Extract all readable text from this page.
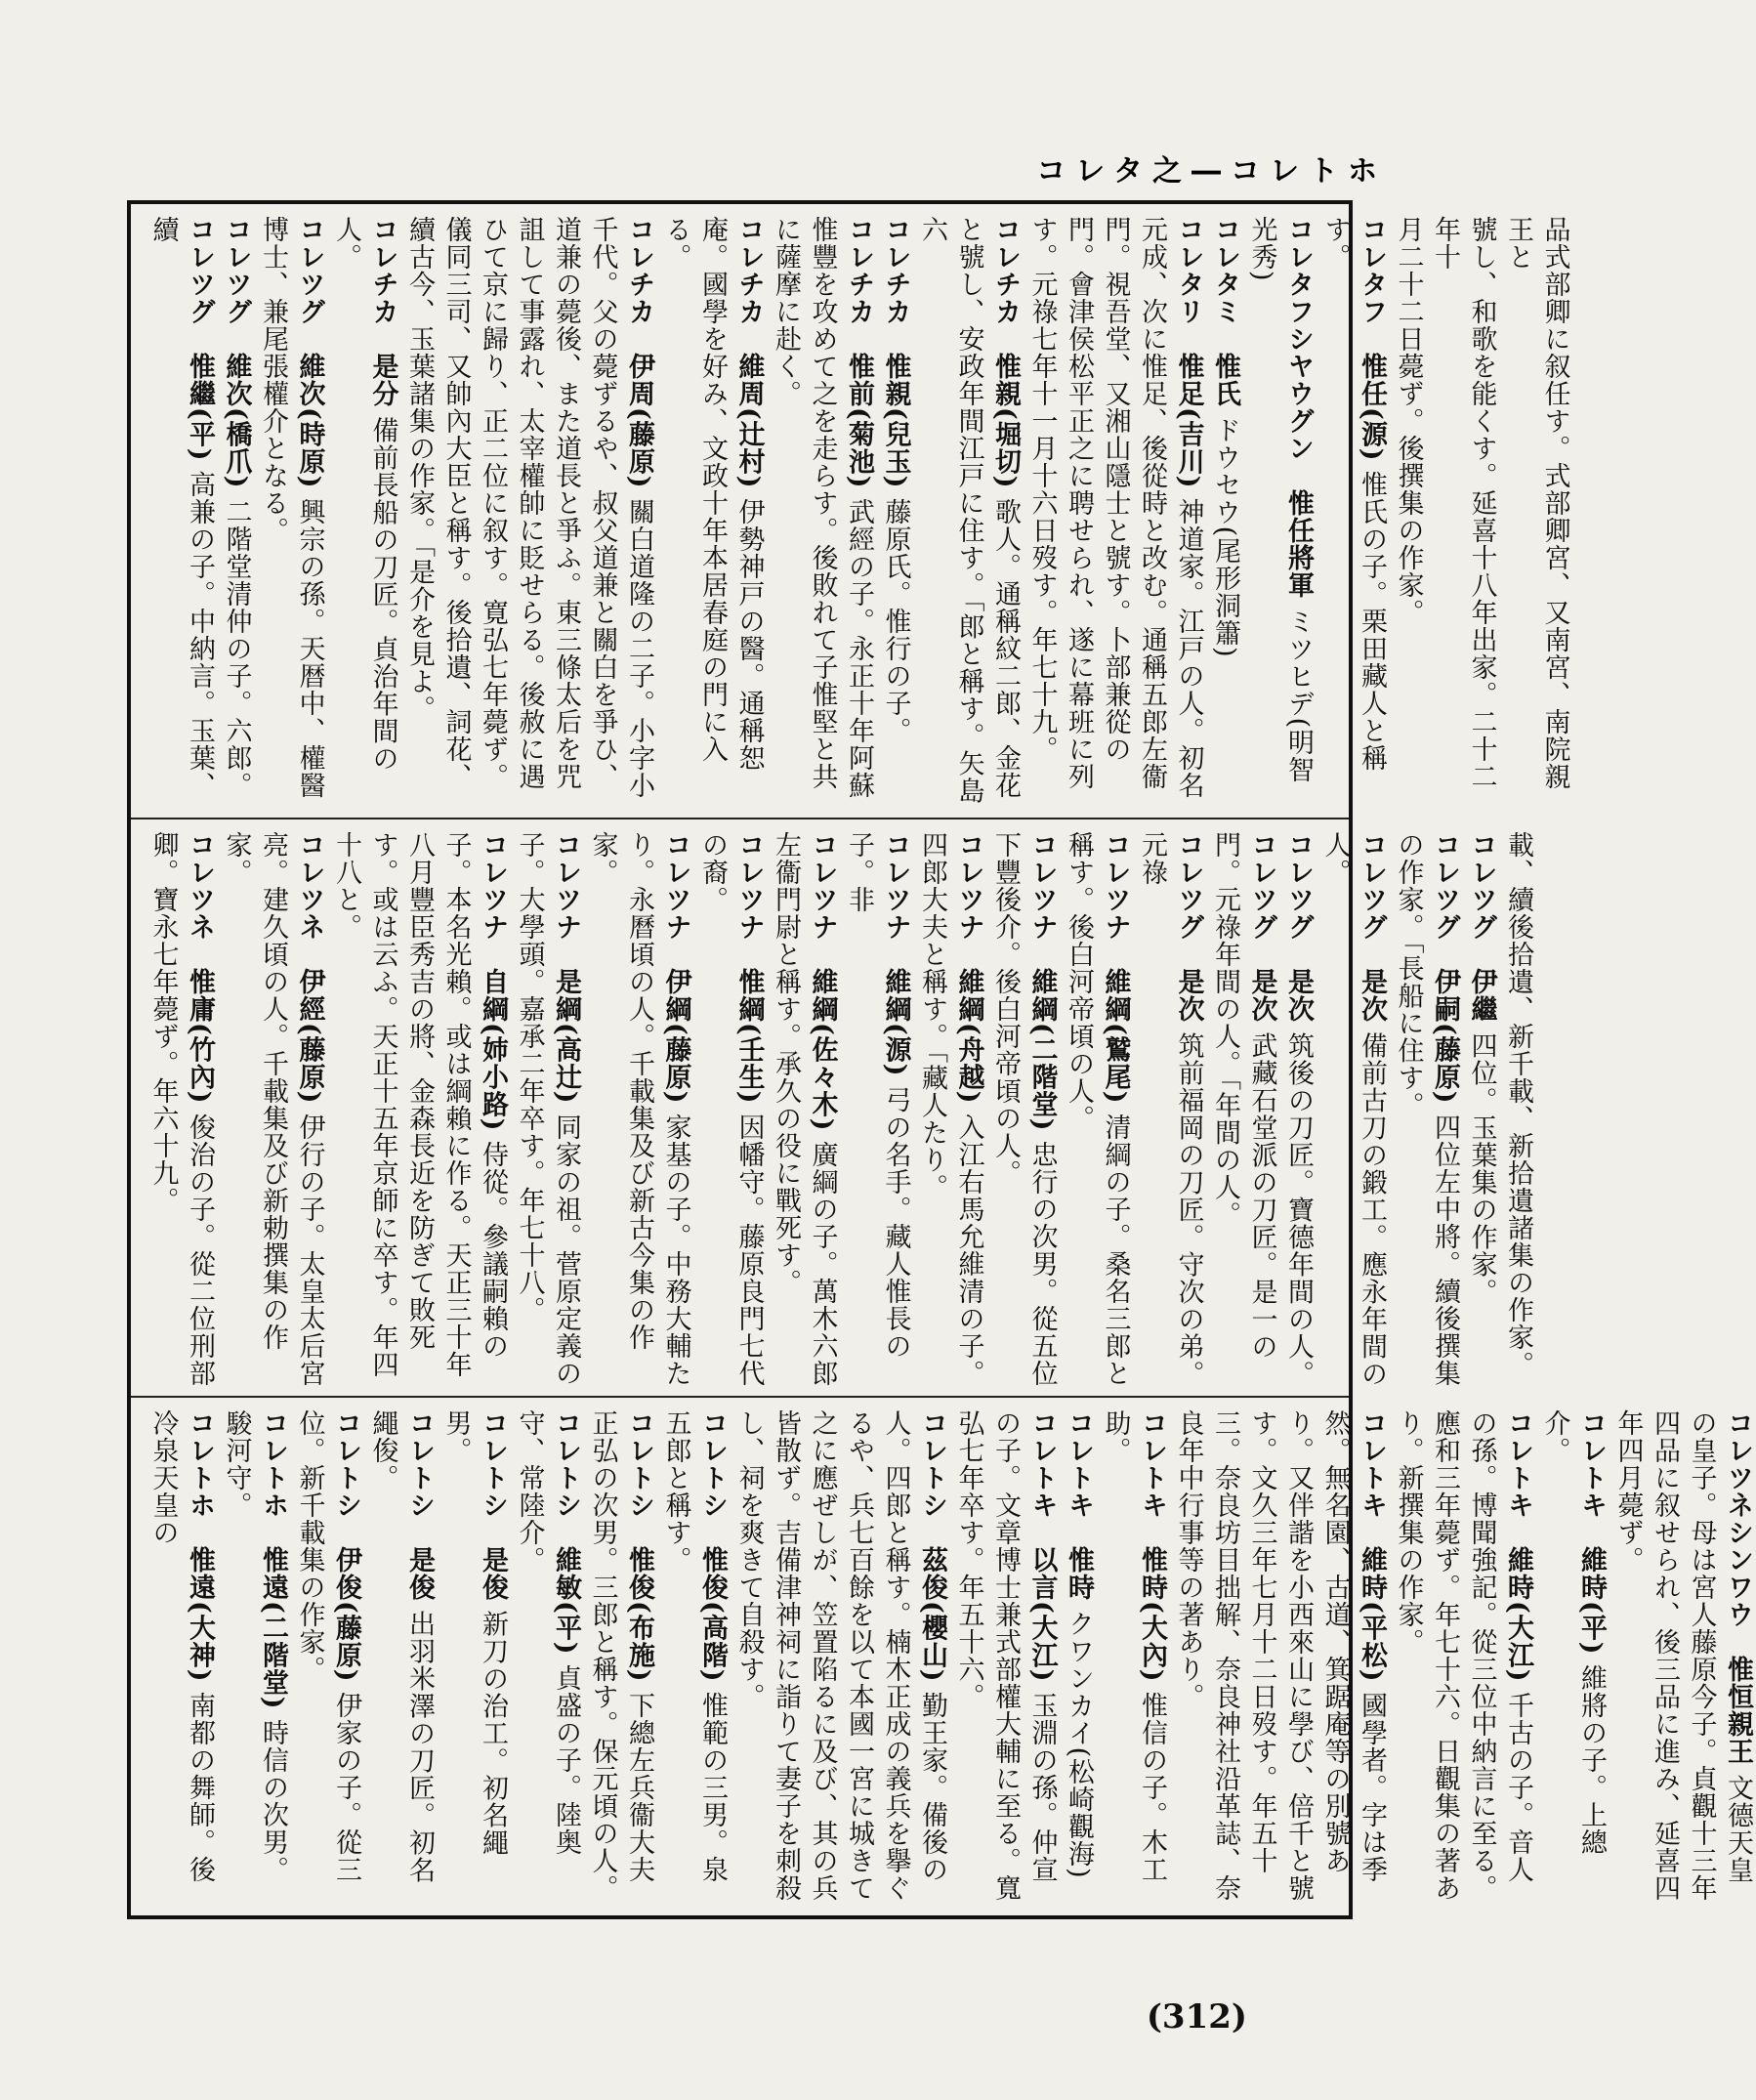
コレタ之―コレトホ

品式部卿に叙任す。式部卿宮、又南宮、南院親王と

號し、和歌を能くす。延喜十八年出家。二十二年十

月二十二日薨ず。後撰集の作家。

コレタフ　惟任(源) 惟氏の子。栗田藏人と稱す。

コレタフシヤウグン　惟任將軍 ミツヒデ(明智光秀)

コレタミ　惟氏 ドウセウ(尾形洞簫)

コレタリ　惟足(吉川) 神道家。江戸の人。初名元成、次に惟足、後從時と改む。通稱五郎左衞門。視吾堂、又湘山隱士と號す。卜部兼從の門。會津侯松平正之に聘せられ、遂に幕班に列す。元祿七年十一月十六日歿す。年七十九。

コレチカ　惟親(堀切) 歌人。通稱紋二郎、金花と號し、安政年間江戸に住す。「郎と稱す。矢島六

コレチカ　惟親(兒玉) 藤原氏。惟行の子。

コレチカ　惟前(菊池) 武經の子。永正十年阿蘇惟豐を攻めて之を走らす。後敗れて子惟堅と共に薩摩に赴く。

コレチカ　維周(辻村) 伊勢神戸の醫。通稱恕庵。國學を好み、文政十年本居春庭の門に入る。

コレチカ　伊周(藤原) 關白道隆の二子。小字小千代。父の薨ずるや、叔父道兼と關白を爭ひ、道兼の薨後、また道長と爭ふ。東三條太后を咒詛して事露れ、太宰權帥に貶せらる。後赦に遇ひて京に歸り、正二位に叙す。寛弘七年薨ず。儀同三司、又帥內大臣と稱す。後拾遺、詞花、續古今、玉葉諸集の作家。「是介を見よ。

コレチカ　是分 備前長船の刀匠。貞治年間の人。

コレツグ　維次(時原) 興宗の孫。天暦中、權醫博士、兼尾張權介となる。

コレツグ　維次(橋爪) 二階堂清仲の子。六郎。

コレツグ　惟繼(平) 高兼の子。中納言。玉葉、續

載、續後拾遺、新千載、新拾遺諸集の作家。

コレツグ　伊繼 四位。玉葉集の作家。

コレツグ　伊嗣(藤原) 四位左中將。續後撰集の作家。「長船に住す。

コレツグ　是次 備前古刀の鍛工。應永年間の人。

コレツグ　是次 筑後の刀匠。寶德年間の人。

コレツグ　是次 武藏石堂派の刀匠。是一の門。元祿年間の人。「年間の人。

コレツグ　是次 筑前福岡の刀匠。守次の弟。元祿

コレツナ　維綱(鷲尾) 清綱の子。桑名三郎と稱す。後白河帝頃の人。

コレツナ　維綱(二階堂) 忠行の次男。從五位下豐後介。後白河帝頃の人。

コレツナ　維綱(舟越) 入江右馬允維清の子。四郎大夫と稱す。「藏人たり。

コレツナ　維綱(源) 弓の名手。藏人惟長の子。非

コレツナ　維綱(佐々木) 廣綱の子。萬木六郎左衞門尉と稱す。承久の役に戰死す。

コレツナ　惟綱(壬生) 因幡守。藤原良門七代の裔。

コレツナ　伊綱(藤原) 家基の子。中務大輔たり。永曆頃の人。千載集及び新古今集の作家。

コレツナ　是綱(高辻) 同家の祖。菅原定義の子。大學頭。嘉承二年卒す。年七十八。

コレツナ　自綱(姉小路) 侍從。參議嗣賴の子。本名光賴。或は綱賴に作る。天正三十年八月豐臣秀吉の將、金森長近を防ぎて敗死す。或は云ふ。天正十五年京師に卒す。年四十八と。

コレツネ　伊經(藤原) 伊行の子。太皇太后宮亮。建久頃の人。千載集及び新勅撰集の作家。

コレツネ　惟庸(竹內) 俊治の子。從二位刑部卿。寶永七年薨ず。年六十九。

コレツネシンワウ　惟恒親王 文德天皇の皇子。母は宮人藤原今子。貞觀十三年四品に叙せられ、後三品に進み、延喜四年四月薨ず。

コレトキ　維時(平) 維將の子。上總介。

コレトキ　維時(大江) 千古の子。音人の孫。博聞強記。從三位中納言に至る。應和三年薨ず。年七十六。日觀集の著あり。新撰集の作家。

コレトキ　維時(平松) 國學者。字は季然。無名園、古道、箕踞庵等の別號あり。又伴諧を小西來山に學び、倍千と號す。文久三年七月十二日歿す。年五十三。奈良坊目拙解、奈良神社沿革誌、奈良年中行事等の著あり。

コレトキ　惟時(大內) 惟信の子。木工助。

コレトキ　惟時 クワンカイ(松崎觀海)

コレトキ　以言(大江) 玉淵の孫。仲宣の子。文章博士兼式部權大輔に至る。寬弘七年卒す。年五十六。

コレトシ　茲俊(櫻山) 勤王家。備後の人。四郎と稱す。楠木正成の義兵を擧ぐるや、兵七百餘を以て本國一宮に城きて之に應ぜしが、笠置陷るに及び、其の兵皆散ず。吉備津神祠に詣りて妻子を刺殺し、祠を爽きて自殺す。

コレトシ　惟俊(高階) 惟範の三男。泉五郎と稱す。

コレトシ　惟俊(布施) 下總左兵衞大夫正弘の次男。三郎と稱す。保元頃の人。

コレトシ　維敏(平) 貞盛の子。陸奥守、常陸介。

コレトシ　是俊 新刀の治工。初名繩男。

コレトシ　是俊 出羽米澤の刀匠。初名繩俊。

コレトシ　伊俊(藤原) 伊家の子。從三位。新千載集の作家。

コレトホ　惟遠(二階堂) 時信の次男。駿河守。

コレトホ　惟遠(大神) 南都の舞師。後冷泉天皇の

(312)
